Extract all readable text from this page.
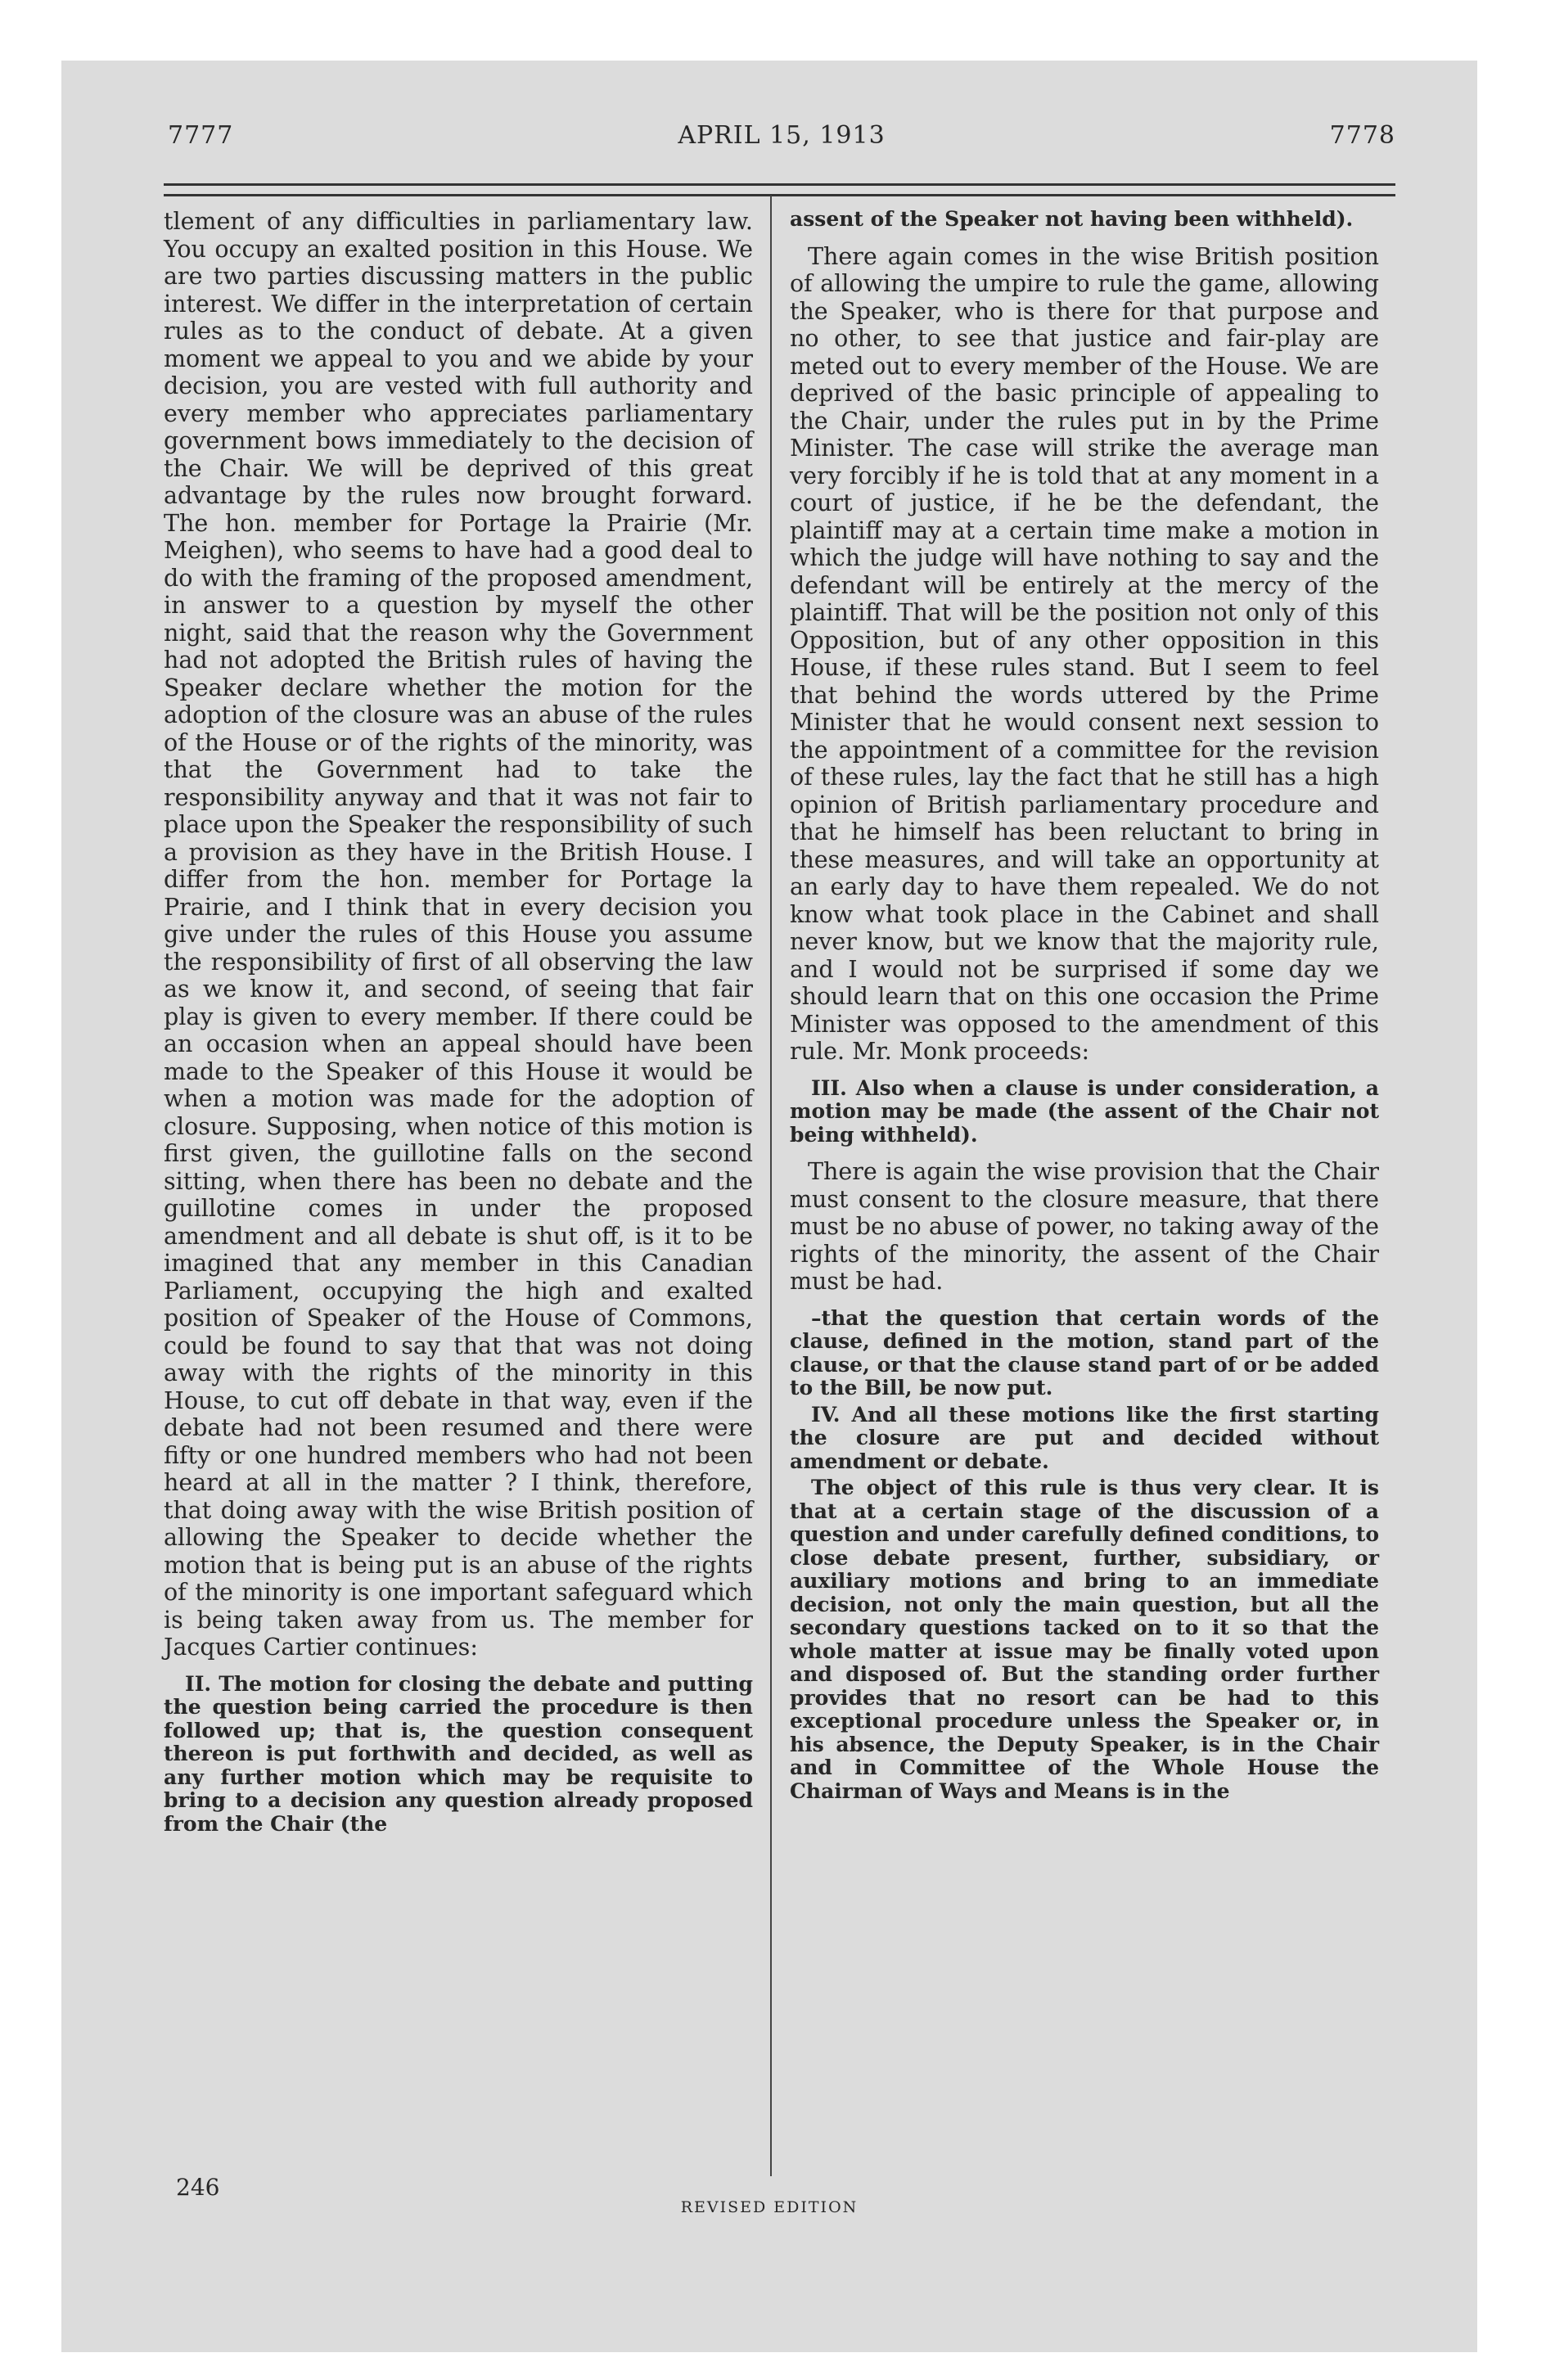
7777	APRIL 15, 1913	7778

tlement of any difficulties in parliamentary law. You occupy an exalted position in this House. We are two parties discussing matters in the public interest. We differ in the interpretation of certain rules as to the conduct of debate. At a given moment we appeal to you and we abide by your decision, you are vested with full authority and every member who appreciates parliamentary government bows immediately to the decision of the Chair. We will be deprived of this great advantage by the rules now brought forward. The hon. member for Portage la Prairie (Mr. Meighen), who seems to have had a good deal to do with the framing of the proposed amendment, in answer to a question by myself the other night, said that the reason why the Government had not adopted the British rules of having the Speaker declare whether the motion for the adoption of the closure was an abuse of the rules of the House or of the rights of the minority, was that the Government had to take the responsibility anyway and that it was not fair to place upon the Speaker the responsibility of such a provision as they have in the British House. I differ from the hon. member for Portage la Prairie, and I think that in every decision you give under the rules of this House you assume the responsibility of first of all observing the law as we know it, and second, of seeing that fair play is given to every member. If there could be an occasion when an appeal should have been made to the Speaker of this House it would be when a motion was made for the adoption of closure. Supposing, when notice of this motion is first given, the guillotine falls on the second sitting, when there has been no debate and the guillotine comes in under the proposed amendment and all debate is shut off, is it to be imagined that any member in this Canadian Parliament, occupying the high and exalted position of Speaker of the House of Commons, could be found to say that that was not doing away with the rights of the minority in this House, to cut off debate in that way, even if the debate had not been resumed and there were fifty or one hundred members who had not been heard at all in the matter ? I think, therefore, that doing away with the wise British position of allowing the Speaker to decide whether the motion that is being put is an abuse of the rights of the minority is one important safeguard which is being taken away from us. The member for Jacques Cartier continues:

II. The motion for closing the debate and putting the question being carried the procedure is then followed up; that is, the question consequent thereon is put forthwith and decided, as well as any further motion which may be requisite to bring to a decision any question already proposed from the Chair (the

assent of the Speaker not having been withheld).

There again comes in the wise British position of allowing the umpire to rule the game, allowing the Speaker, who is there for that purpose and no other, to see that justice and fair-play are meted out to every member of the House. We are deprived of the basic principle of appealing to the Chair, under the rules put in by the Prime Minister. The case will strike the average man very forcibly if he is told that at any moment in a court of justice, if he be the defendant, the plaintiff may at a certain time make a motion in which the judge will have nothing to say and the defendant will be entirely at the mercy of the plaintiff. That will be the position not only of this Opposition, but of any other opposition in this House, if these rules stand. But I seem to feel that behind the words uttered by the Prime Minister that he would consent next session to the appointment of a committee for the revision of these rules, lay the fact that he still has a high opinion of British parliamentary procedure and that he himself has been reluctant to bring in these measures, and will take an opportunity at an early day to have them repealed. We do not know what took place in the Cabinet and shall never know, but we know that the majority rule, and I would not be surprised if some day we should learn that on this one occasion the Prime Minister was opposed to the amendment of this rule. Mr. Monk proceeds:

III. Also when a clause is under consideration, a motion may be made (the assent of the Chair not being withheld).

There is again the wise provision that the Chair must consent to the closure measure, that there must be no abuse of power, no taking away of the rights of the minority, the assent of the Chair must be had.

–that the question that certain words of the clause, defined in the motion, stand part of the clause, or that the clause stand part of or be added to the Bill, be now put.

IV. And all these motions like the first starting the closure are put and decided without amendment or debate.

The object of this rule is thus very clear. It is that at a certain stage of the discussion of a question and under carefully defined conditions, to close debate present, further, subsidiary, or auxiliary motions and bring to an immediate decision, not only the main question, but all the secondary questions tacked on to it so that the whole matter at issue may be finally voted upon and disposed of. But the standing order further provides that no resort can be had to this exceptional procedure unless the Speaker or, in his absence, the Deputy Speaker, is in the Chair and in Committee of the Whole House the Chairman of Ways and Means is in the

246
REVISED EDITION
